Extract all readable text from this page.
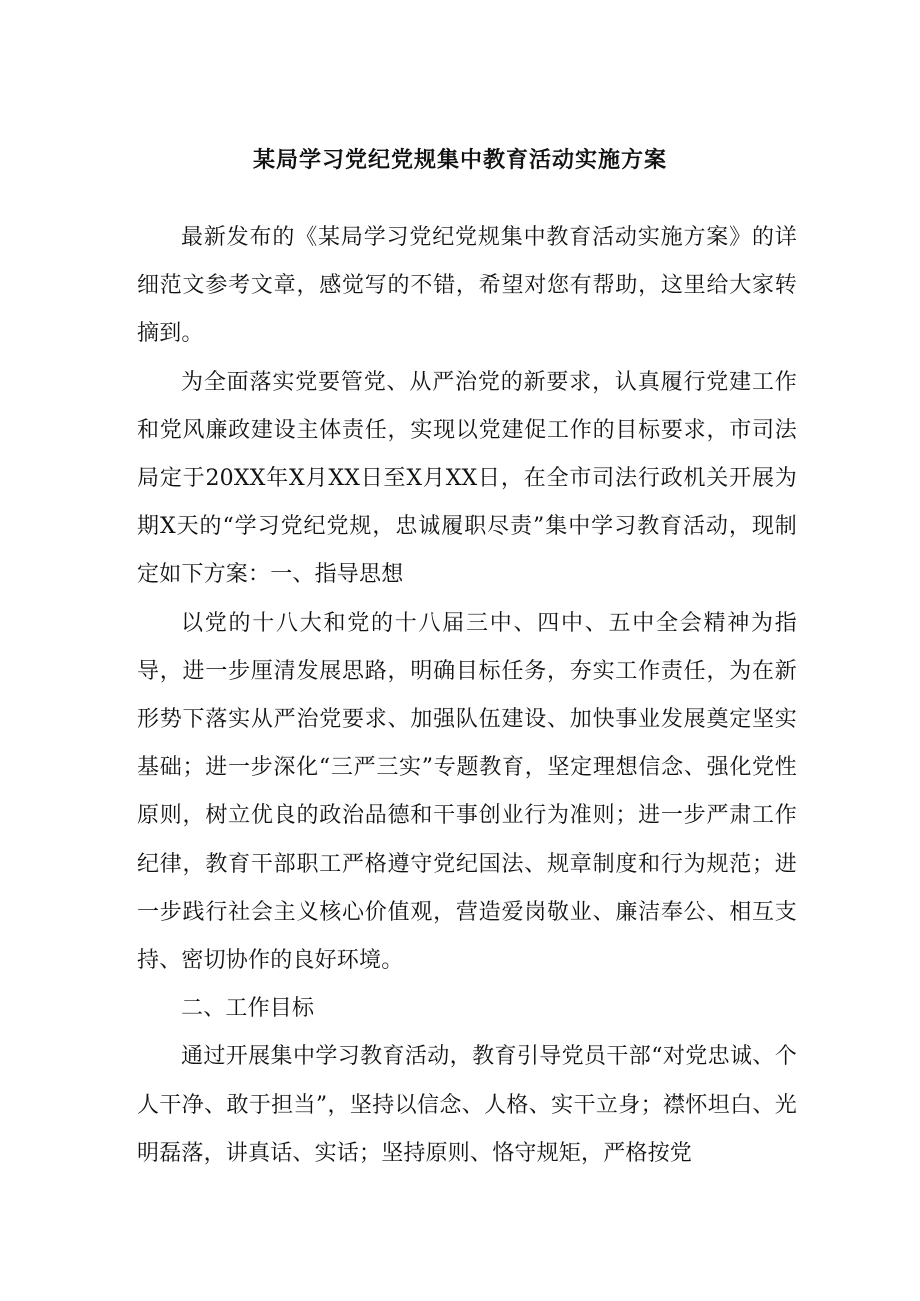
某局学习党纪党规集中教育活动实施方案

最新发布的《某局学习党纪党规集中教育活动实施方案》的详细范文参考文章，感觉写的不错，希望对您有帮助，这里给大家转摘到。

为全面落实党要管党、从严治党的新要求，认真履行党建工作和党风廉政建设主体责任，实现以党建促工作的目标要求，市司法局定于20XX年X月XX日至X月XX日，在全市司法行政机关开展为期X天的“学习党纪党规，忠诚履职尽责”集中学习教育活动，现制定如下方案：一、指导思想

以党的十八大和党的十八届三中、四中、五中全会精神为指导，进一步厘清发展思路，明确目标任务，夯实工作责任，为在新形势下落实从严治党要求、加强队伍建设、加快事业发展奠定坚实基础；进一步深化“三严三实”专题教育，坚定理想信念、强化党性原则，树立优良的政治品德和干事创业行为准则；进一步严肃工作纪律，教育干部职工严格遵守党纪国法、规章制度和行为规范；进一步践行社会主义核心价值观，营造爱岗敬业、廉洁奉公、相互支持、密切协作的良好环境。

二、工作目标

通过开展集中学习教育活动，教育引导党员干部“对党忠诚、个人干净、敢于担当”，坚持以信念、人格、实干立身；襟怀坦白、光明磊落，讲真话、实话；坚持原则、恪守规矩，严格按党
